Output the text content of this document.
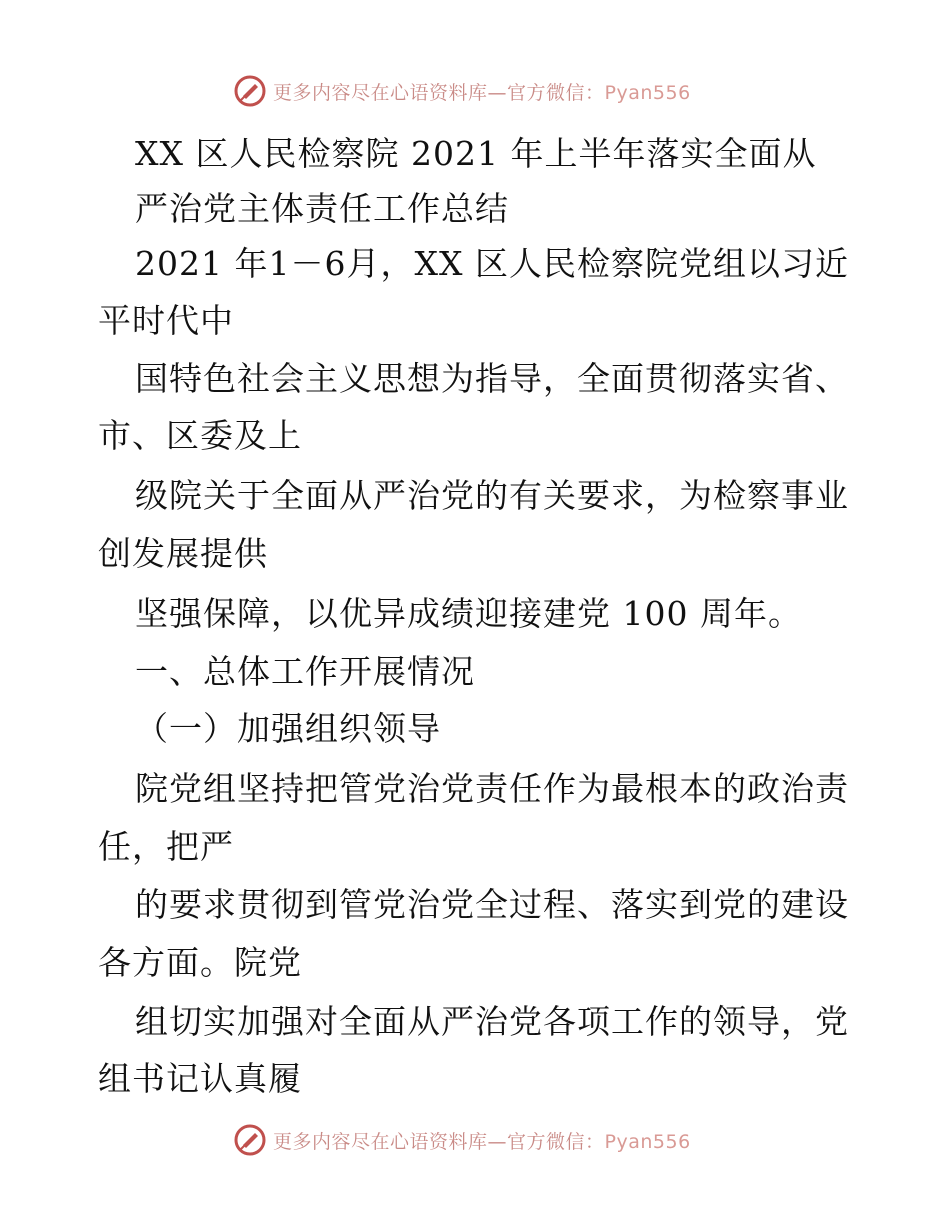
更多内容尽在心语资料库—官方微信：Pyan556
XX 区人民检察院 2021 年上半年落实全面从
严治党主体责任工作总结
2021 年1－6月，XX 区人民检察院党组以习近
平时代中
国特色社会主义思想为指导，全面贯彻落实省、
市、区委及上
级院关于全面从严治党的有关要求，为检察事业
创发展提供
坚强保障，以优异成绩迎接建党 100 周年。
一、总体工作开展情况
（一）加强组织领导
院党组坚持把管党治党责任作为最根本的政治责
任，把严
的要求贯彻到管党治党全过程、落实到党的建设
各方面。院党
组切实加强对全面从严治党各项工作的领导，党
组书记认真履
更多内容尽在心语资料库—官方微信：Pyan556
